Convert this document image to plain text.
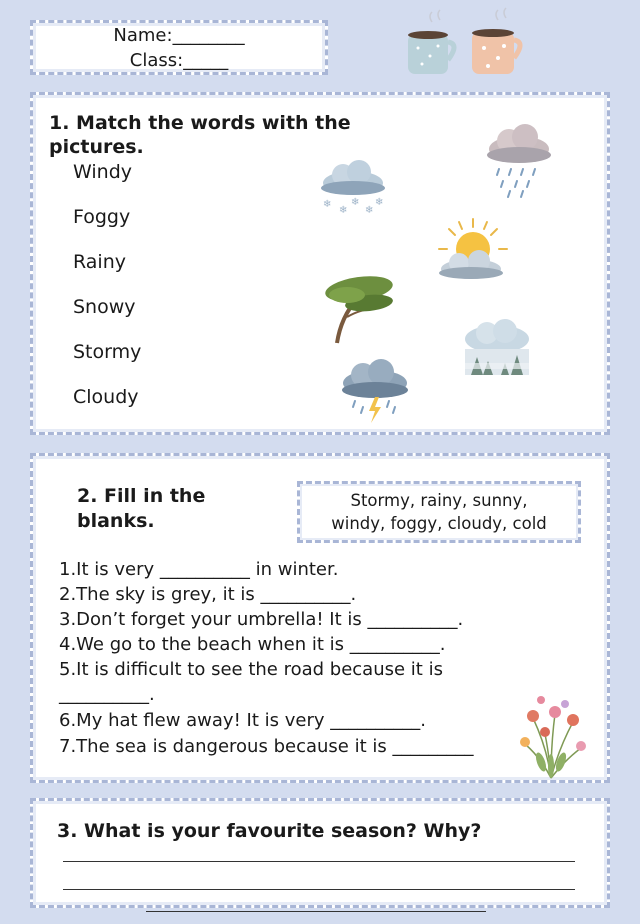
Name:________
Class:_____
1. Match the words with the
pictures.
Windy
Foggy
Rainy
Snowy
Stormy
Cloudy
❄
❄
❄
❄
❄
2. Fill in the
blanks.
Stormy, rainy, sunny,
windy, foggy, cloudy, cold
1.It is very __________ in winter.
2.The sky is grey, it is __________.
3.Don’t forget your umbrella! It is __________.
4.We go to the beach when it is __________.
5.It is difficult to see the road because it is
__________.
6.My hat flew away! It is very __________.
7.The sea is dangerous because it is _________
3. What is your favourite season? Why?
